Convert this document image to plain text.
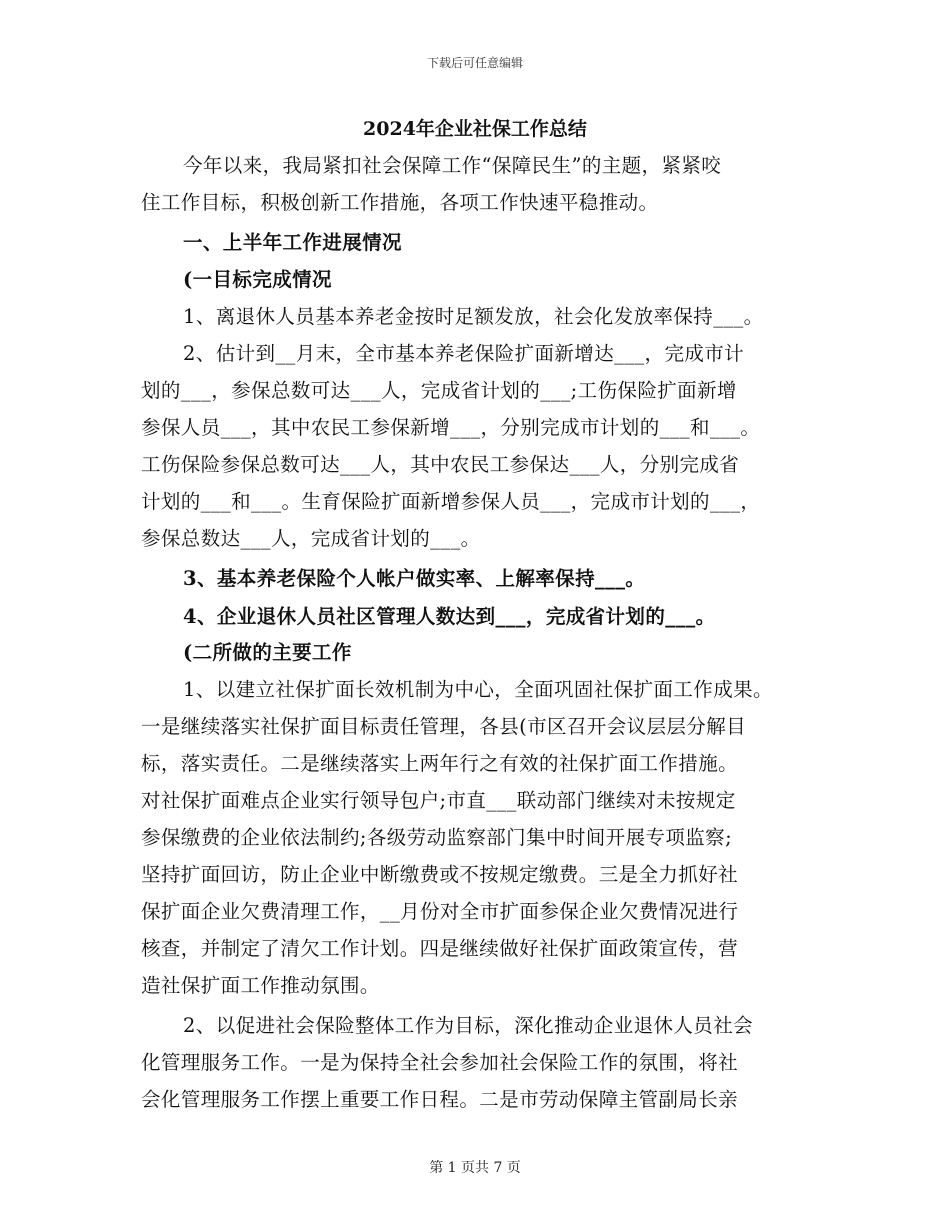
下载后可任意编辑
2024年企业社保工作总结
今年以来，我局紧扣社会保障工作“保障民生”的主题，紧紧咬
住工作目标，积极创新工作措施，各项工作快速平稳推动。
一、上半年工作进展情况
(一目标完成情况
1、离退休人员基本养老金按时足额发放，社会化发放率保持___。
2、估计到__月末，全市基本养老保险扩面新增达___，完成市计
划的___，参保总数可达___人，完成省计划的___;工伤保险扩面新增
参保人员___，其中农民工参保新增___，分别完成市计划的___和___。
工伤保险参保总数可达___人，其中农民工参保达___人，分别完成省
计划的___和___。生育保险扩面新增参保人员___，完成市计划的___，
参保总数达___人，完成省计划的___。
3、基本养老保险个人帐户做实率、上解率保持___。
4、企业退休人员社区管理人数达到___，完成省计划的___。
(二所做的主要工作
1、以建立社保扩面长效机制为中心，全面巩固社保扩面工作成果。
一是继续落实社保扩面目标责任管理，各县(市区召开会议层层分解目
标，落实责任。二是继续落实上两年行之有效的社保扩面工作措施。
对社保扩面难点企业实行领导包户;市直___联动部门继续对未按规定
参保缴费的企业依法制约;各级劳动监察部门集中时间开展专项监察;
坚持扩面回访，防止企业中断缴费或不按规定缴费。三是全力抓好社
保扩面企业欠费清理工作，__月份对全市扩面参保企业欠费情况进行
核查，并制定了清欠工作计划。四是继续做好社保扩面政策宣传，营
造社保扩面工作推动氛围。
2、以促进社会保险整体工作为目标，深化推动企业退休人员社会
化管理服务工作。一是为保持全社会参加社会保险工作的氛围，将社
会化管理服务工作摆上重要工作日程。二是市劳动保障主管副局长亲
第 1 页共 7 页
